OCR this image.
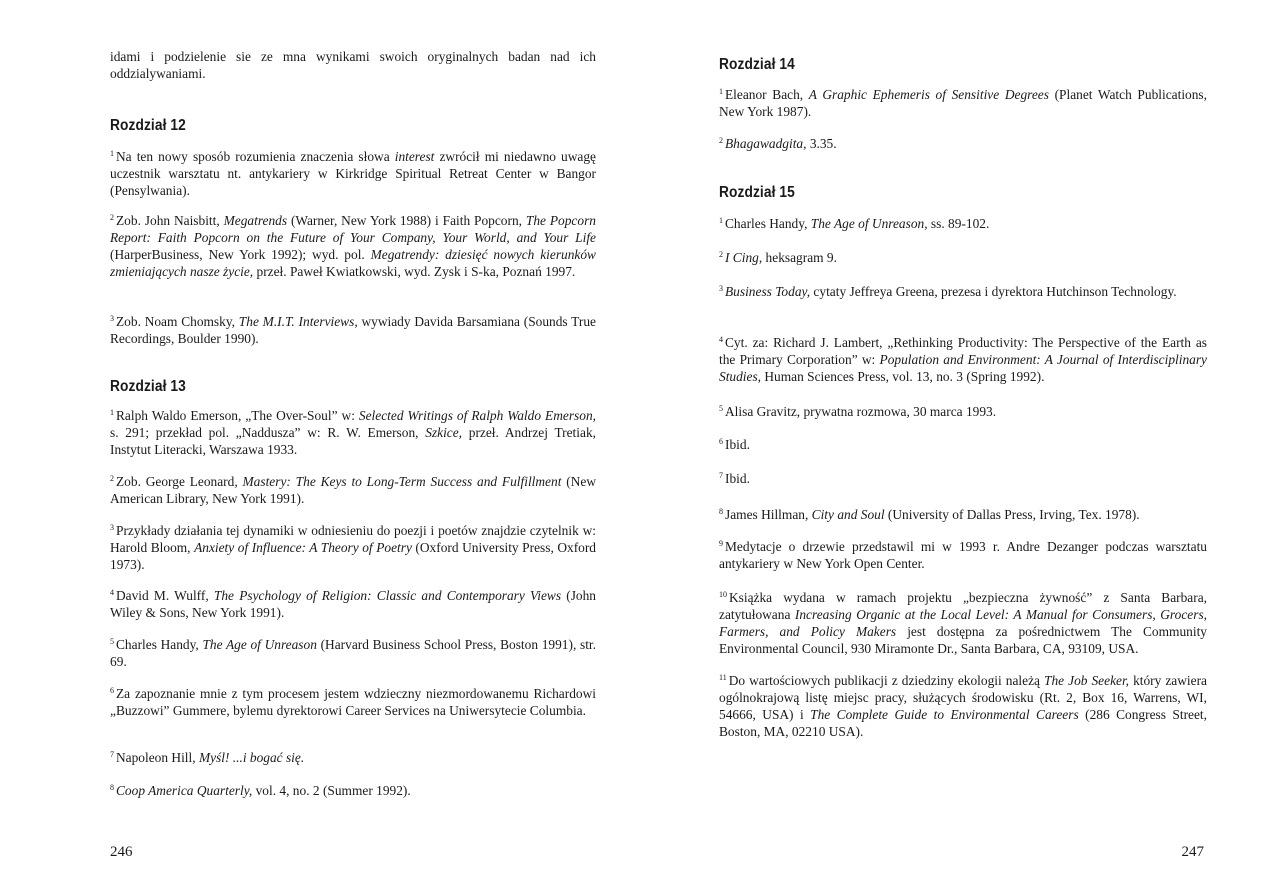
idami i podzielenie sie ze mna wynikami swoich oryginalnych badan nad ich oddzialywaniami.

Rozdział 12

$^1$ Na ten nowy sposób rozumienia znaczenia słowa interest zwrócił mi niedawno uwagę uczestnik warsztatu nt. antykariery w Kirkridge Spiritual Retreat Center w Bangor (Pensylwania).

$^2$ Zob. John Naisbitt, Megatrends (Warner, New York 1988) i Faith Popcorn, The Popcorn Report: Faith Popcorn on the Future of Your Company, Your World, and Your Life (HarperBusiness, New York 1992); wyd. pol. Megatrendy: dziesięć nowych kierunków zmieniających nasze życie, przeł. Paweł Kwiatkowski, wyd. Zysk i S-ka, Poznań 1997.

$^3$ Zob. Noam Chomsky, The M.I.T. Interviews, wywiady Davida Barsamiana (Sounds True Recordings, Boulder 1990).

Rozdział 13

$^1$ Ralph Waldo Emerson, „The Over-Soul” w: Selected Writings of Ralph Waldo Emerson, s. 291; przekład pol. „Naddusza” w: R. W. Emerson, Szkice, przeł. Andrzej Tretiak, Instytut Literacki, Warszawa 1933.

$^2$ Zob. George Leonard, Mastery: The Keys to Long-Term Success and Fulfillment (New American Library, New York 1991).

$^3$ Przykłady działania tej dynamiki w odniesieniu do poezji i poetów znajdzie czytelnik w: Harold Bloom, Anxiety of Influence: A Theory of Poetry (Oxford University Press, Oxford 1973).

$^4$ David M. Wulff, The Psychology of Religion: Classic and Contemporary Views (John Wiley & Sons, New York 1991).

$^5$ Charles Handy, The Age of Unreason (Harvard Business School Press, Boston 1991), str. 69.

$^6$ Za zapoznanie mnie z tym procesem jestem wdzieczny niezmordowanemu Richardowi „Buzzowi” Gummere, bylemu dyrektorowi Career Services na Uniwersytecie Columbia.

$^7$ Napoleon Hill, Myśl! ...i bogać się.

$^8$ Coop America Quarterly, vol. 4, no. 2 (Summer 1992).

246

Rozdział 14

$^1$ Eleanor Bach, A Graphic Ephemeris of Sensitive Degrees (Planet Watch Publications, New York 1987).

$^2$ Bhagawadgita, 3.35.

Rozdział 15

$^1$ Charles Handy, The Age of Unreason, ss. 89-102.

$^2$ I Cing, heksagram 9.

$^3$ Business Today, cytaty Jeffreya Greena, prezesa i dyrektora Hutchinson Technology.

$^4$ Cyt. za: Richard J. Lambert, „Rethinking Productivity: The Perspective of the Earth as the Primary Corporation” w: Population and Environment: A Journal of Interdisciplinary Studies, Human Sciences Press, vol. 13, no. 3 (Spring 1992).

$^5$ Alisa Gravitz, prywatna rozmowa, 30 marca 1993.

$^6$ Ibid.

$^7$ Ibid.

$^8$ James Hillman, City and Soul (University of Dallas Press, Irving, Tex. 1978).

$^9$ Medytacje o drzewie przedstawil mi w 1993 r. Andre Dezanger podczas warsztatu antykariery w New York Open Center.

$^{10}$ Książka wydana w ramach projektu „bezpieczna żywność” z Santa Barbara, zatytułowana Increasing Organic at the Local Level: A Manual for Consumers, Grocers, Farmers, and Policy Makers jest dostępna za pośrednictwem The Community Environmental Council, 930 Miramonte Dr., Santa Barbara, CA, 93109, USA.

$^{11}$ Do wartościowych publikacji z dziedziny ekologii należą The Job Seeker, który zawiera ogólnokrajową listę miejsc pracy, służących środowisku (Rt. 2, Box 16, Warrens, WI, 54666, USA) i The Complete Guide to Environmental Careers (286 Congress Street, Boston, MA, 02210 USA).

247
